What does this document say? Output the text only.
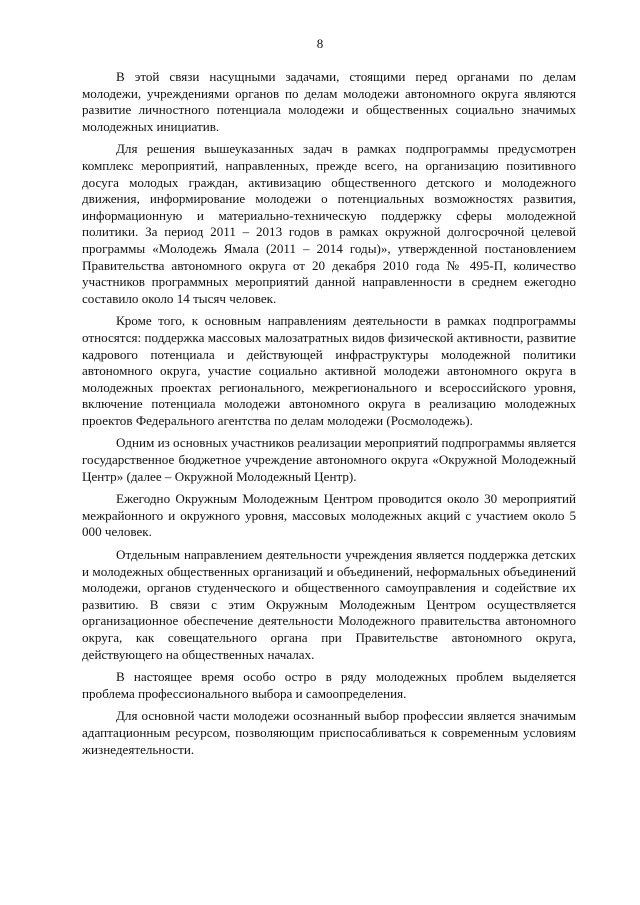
8

В этой связи насущными задачами, стоящими перед органами по делам молодежи, учреждениями органов по делам молодежи автономного округа являются развитие личностного потенциала молодежи и общественных социально значимых молодежных инициатив.

Для решения вышеуказанных задач в рамках подпрограммы предусмотрен комплекс мероприятий, направленных, прежде всего, на организацию позитивного досуга молодых граждан, активизацию общественного детского и молодежного движения, информирование молодежи о потенциальных возможностях развития, информационную и материально-техническую поддержку сферы молодежной политики. За период 2011 – 2013 годов в рамках окружной долгосрочной целевой программы «Молодежь Ямала (2011 – 2014 годы)», утвержденной постановлением Правительства автономного округа от 20 декабря 2010 года № 495-П, количество участников программных мероприятий данной направленности в среднем ежегодно составило около 14 тысяч человек.

Кроме того, к основным направлениям деятельности в рамках подпрограммы относятся: поддержка массовых малозатратных видов физической активности, развитие кадрового потенциала и действующей инфраструктуры молодежной политики автономного округа, участие социально активной молодежи автономного округа в молодежных проектах регионального, межрегионального и всероссийского уровня, включение потенциала молодежи автономного округа в реализацию молодежных проектов Федерального агентства по делам молодежи (Росмолодежь).

Одним из основных участников реализации мероприятий подпрограммы является государственное бюджетное учреждение автономного округа «Окружной Молодежный Центр» (далее – Окружной Молодежный Центр).

Ежегодно Окружным Молодежным Центром проводится около 30 мероприятий межрайонного и окружного уровня, массовых молодежных акций с участием около 5 000 человек.

Отдельным направлением деятельности учреждения является поддержка детских и молодежных общественных организаций и объединений, неформальных объединений молодежи, органов студенческого и общественного самоуправления и содействие их развитию. В связи с этим Окружным Молодежным Центром осуществляется организационное обеспечение деятельности Молодежного правительства автономного округа, как совещательного органа при Правительстве автономного округа, действующего на общественных началах.

В настоящее время особо остро в ряду молодежных проблем выделяется проблема профессионального выбора и самоопределения.

Для основной части молодежи осознанный выбор профессии является значимым адаптационным ресурсом, позволяющим приспосабливаться к современным условиям жизнедеятельности.
